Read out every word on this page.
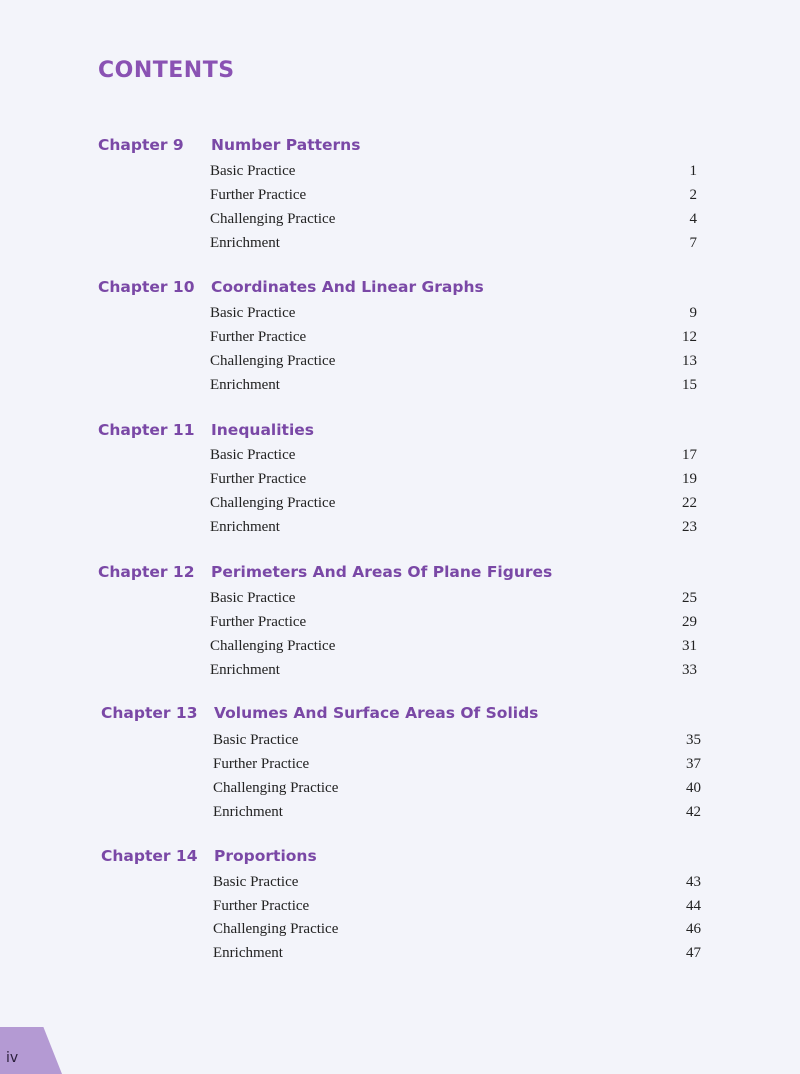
CONTENTS
Chapter 9 Number Patterns
Basic Practice	1
Further Practice	2
Challenging Practice	4
Enrichment	7
Chapter 10 Coordinates And Linear Graphs
Basic Practice	9
Further Practice	12
Challenging Practice	13
Enrichment	15
Chapter 11 Inequalities
Basic Practice	17
Further Practice	19
Challenging Practice	22
Enrichment	23
Chapter 12 Perimeters And Areas Of Plane Figures
Basic Practice	25
Further Practice	29
Challenging Practice	31
Enrichment	33
Chapter 13 Volumes And Surface Areas Of Solids
Basic Practice	35
Further Practice	37
Challenging Practice	40
Enrichment	42
Chapter 14 Proportions
Basic Practice	43
Further Practice	44
Challenging Practice	46
Enrichment	47
iv
